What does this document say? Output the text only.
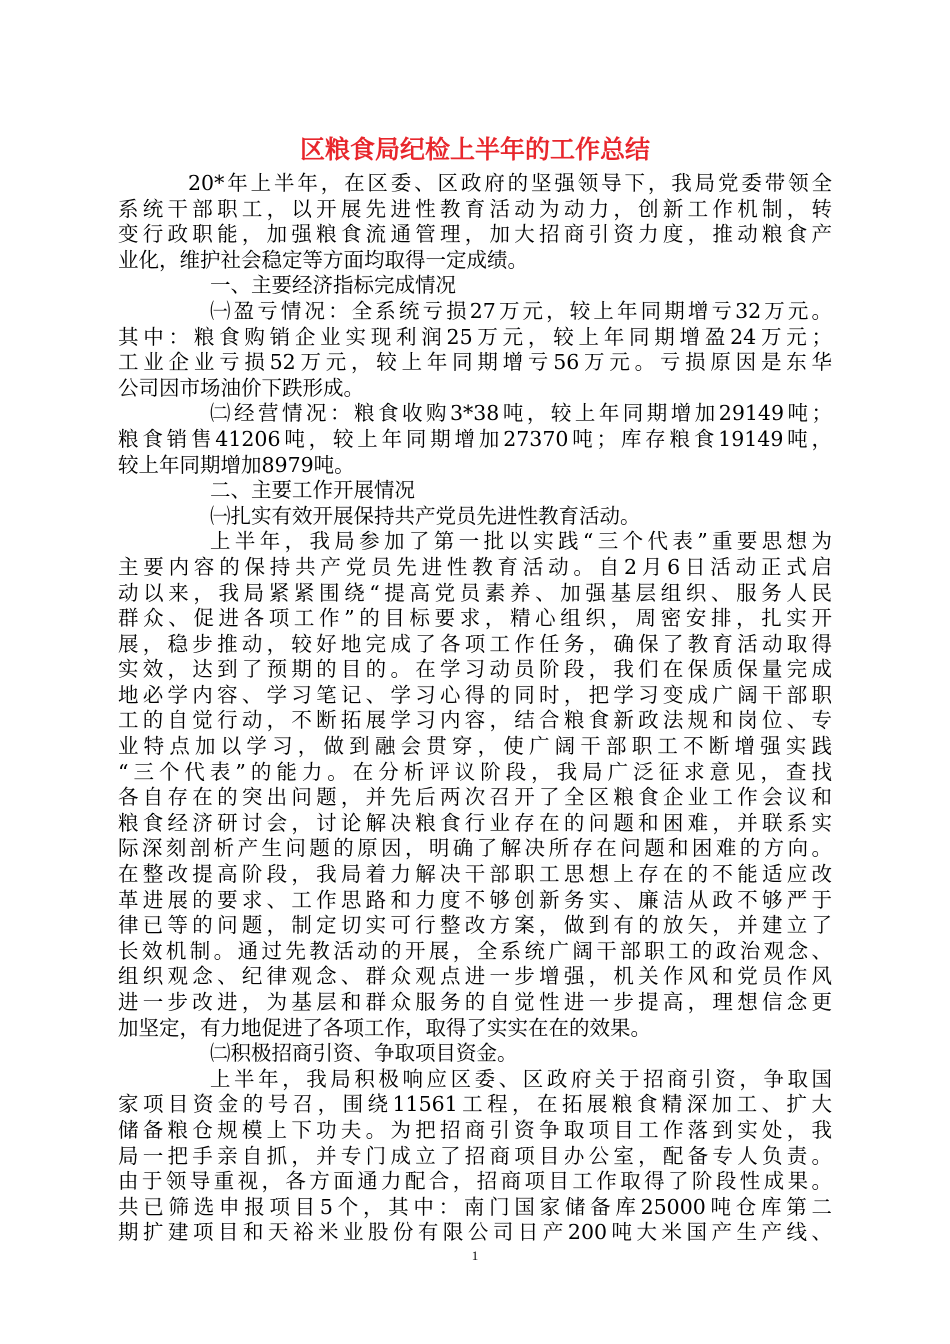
区粮食局纪检上半年的工作总结
20*年上半年，在区委、区政府的坚强领导下，我局党委带领全
系统干部职工，以开展先进性教育活动为动力，创新工作机制，转
变行政职能，加强粮食流通管理，加大招商引资力度，推动粮食产
业化，维护社会稳定等方面均取得一定成绩。
一、主要经济指标完成情况
㈠盈亏情况：全系统亏损27万元，较上年同期增亏32万元。
其中：粮食购销企业实现利润25万元，较上年同期增盈24万元；
工业企业亏损52万元，较上年同期增亏56万元。亏损原因是东华
公司因市场油价下跌形成。
㈡经营情况：粮食收购3*38吨，较上年同期增加29149吨；
粮食销售41206吨，较上年同期增加27370吨；库存粮食19149吨，
较上年同期增加8979吨。
二、主要工作开展情况
㈠扎实有效开展保持共产党员先进性教育活动。
上半年，我局参加了第一批以实践“三个代表”重要思想为
主要内容的保持共产党员先进性教育活动。自2月6日活动正式启
动以来，我局紧紧围绕“提高党员素养、加强基层组织、服务人民
群众、促进各项工作”的目标要求，精心组织，周密安排，扎实开
展，稳步推动，较好地完成了各项工作任务，确保了教育活动取得
实效，达到了预期的目的。在学习动员阶段，我们在保质保量完成
地必学内容、学习笔记、学习心得的同时，把学习变成广阔干部职
工的自觉行动，不断拓展学习内容，结合粮食新政法规和岗位、专
业特点加以学习，做到融会贯穿，使广阔干部职工不断增强实践
“三个代表”的能力。在分析评议阶段，我局广泛征求意见，查找
各自存在的突出问题，并先后两次召开了全区粮食企业工作会议和
粮食经济研讨会，讨论解决粮食行业存在的问题和困难，并联系实
际深刻剖析产生问题的原因，明确了解决所存在问题和困难的方向。
在整改提高阶段，我局着力解决干部职工思想上存在的不能适应改
革进展的要求、工作思路和力度不够创新务实、廉洁从政不够严于
律已等的问题，制定切实可行整改方案，做到有的放矢，并建立了
长效机制。通过先教活动的开展，全系统广阔干部职工的政治观念、
组织观念、纪律观念、群众观点进一步增强，机关作风和党员作风
进一步改进，为基层和群众服务的自觉性进一步提高，理想信念更
加坚定，有力地促进了各项工作，取得了实实在在的效果。
㈡积极招商引资、争取项目资金。
上半年，我局积极响应区委、区政府关于招商引资，争取国
家项目资金的号召，围绕11561工程，在拓展粮食精深加工、扩大
储备粮仓规模上下功夫。为把招商引资争取项目工作落到实处，我
局一把手亲自抓，并专门成立了招商项目办公室，配备专人负责。
由于领导重视，各方面通力配合，招商项目工作取得了阶段性成果。
共已筛选申报项目5个，其中：南门国家储备库25000吨仓库第二
期扩建项目和天裕米业股份有限公司日产200吨大米国产生产线、
1
